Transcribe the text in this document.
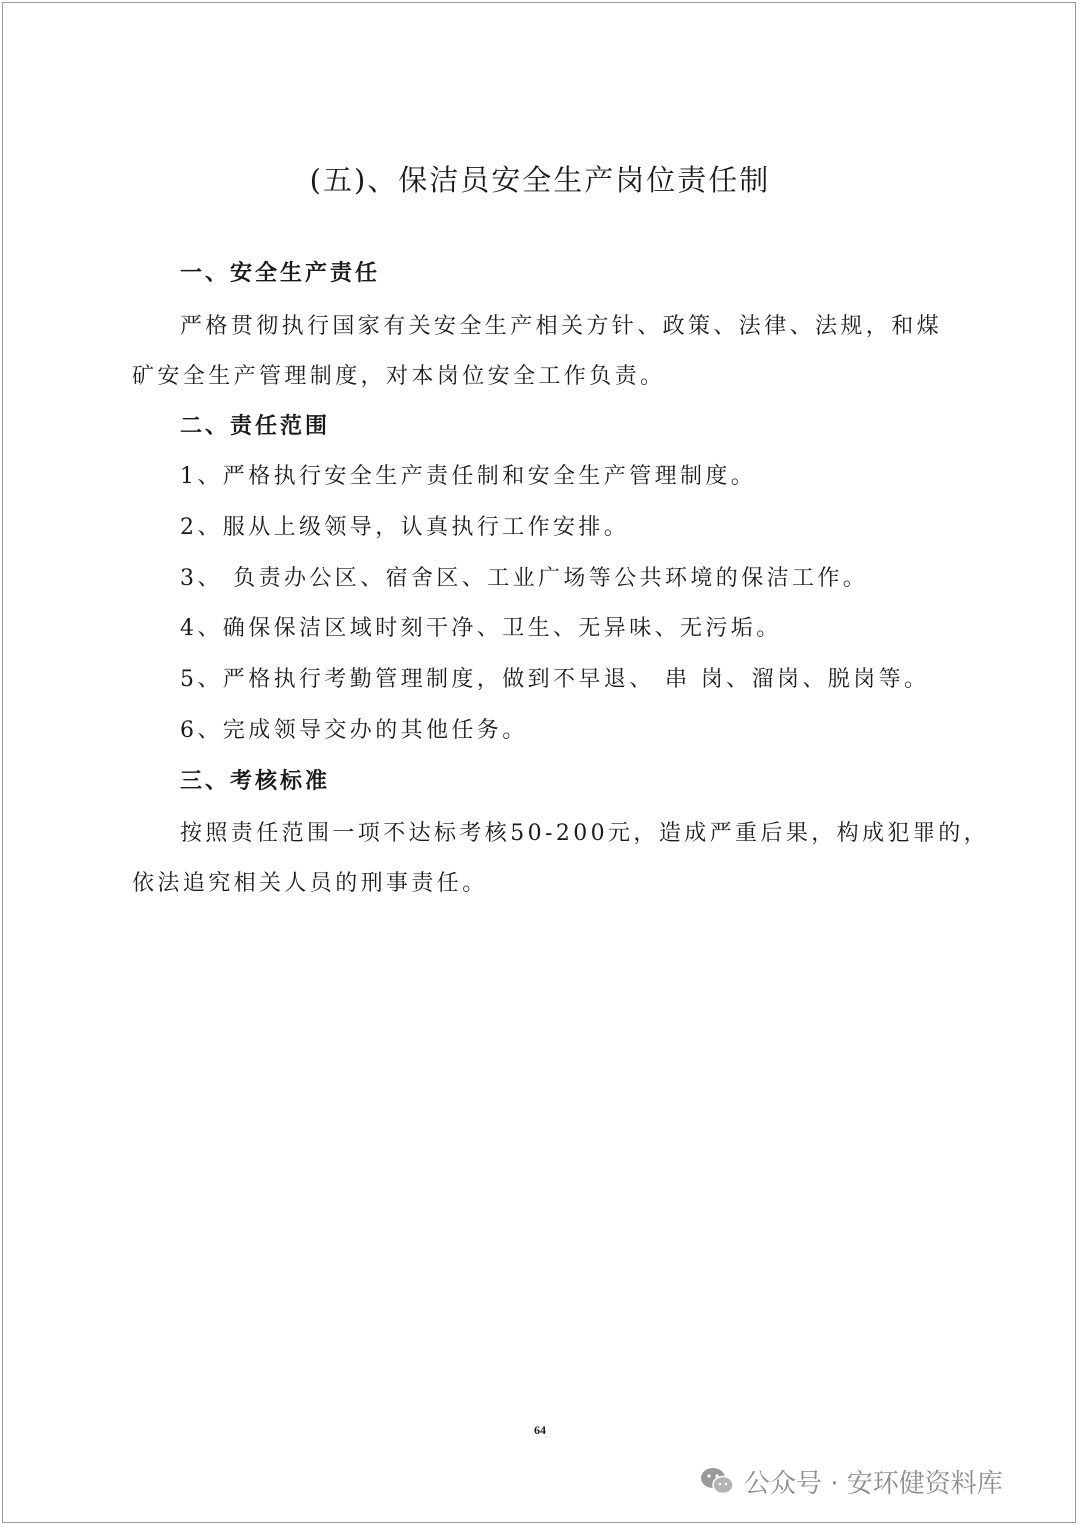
(五)、保洁员安全生产岗位责任制
一、安全生产责任
严格贯彻执行国家有关安全生产相关方针、政策、法律、法规，和煤
矿安全生产管理制度，对本岗位安全工作负责。
二、责任范围
1、严格执行安全生产责任制和安全生产管理制度。
2、服从上级领导，认真执行工作安排。
3、 负责办公区、宿舍区、工业广场等公共环境的保洁工作。
4、确保保洁区域时刻干净、卫生、无异味、无污垢。
5、严格执行考勤管理制度，做到不早退、 串 岗、溜岗、脱岗等。
6、完成领导交办的其他任务。
三、考核标准
按照责任范围一项不达标考核50-200元，造成严重后果，构成犯罪的，
依法追究相关人员的刑事责任。
64
公众号 · 安环健资料库
